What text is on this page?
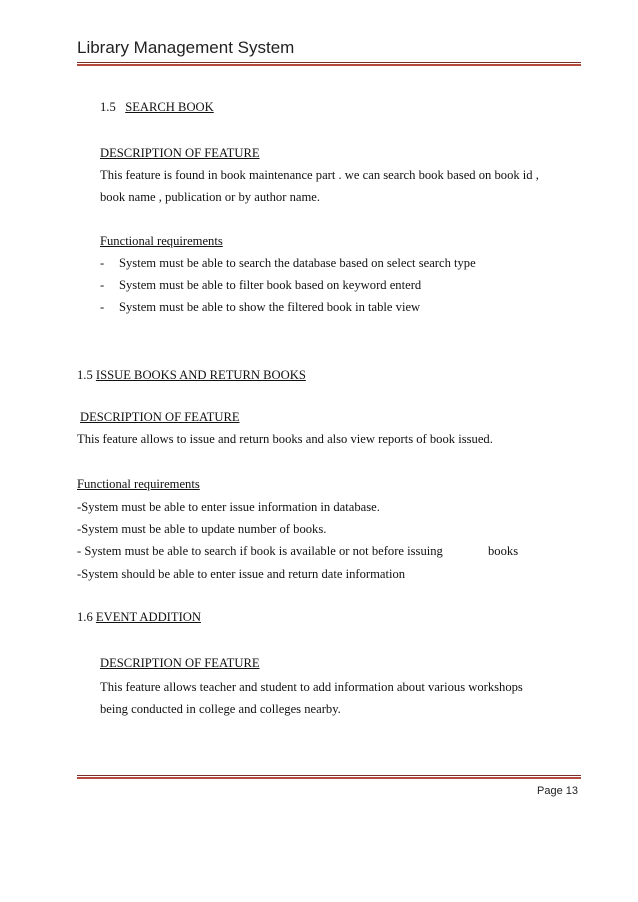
Library Management System
1.5 SEARCH BOOK
DESCRIPTION OF FEATURE
This feature is found in book maintenance part . we can search book based on book id ,
book name , publication or by author name.
Functional requirements
- System must be able to search the database based on select search type
- System must be able to filter book based on keyword enterd
- System must be able to show the filtered book in table view
1.5 ISSUE BOOKS AND RETURN BOOKS
DESCRIPTION OF FEATURE
This feature allows to issue and return books and also view reports of book issued.
Functional requirements
-System must be able to enter issue information in database.
-System must be able to update number of books.
- System must be able to search if book is available or not before issuing	books
-System should be able to enter issue and return date information
1.6 EVENT ADDITION
DESCRIPTION OF FEATURE
This feature allows teacher and student to add information about various workshops
being conducted in college and colleges nearby.
Page 13
